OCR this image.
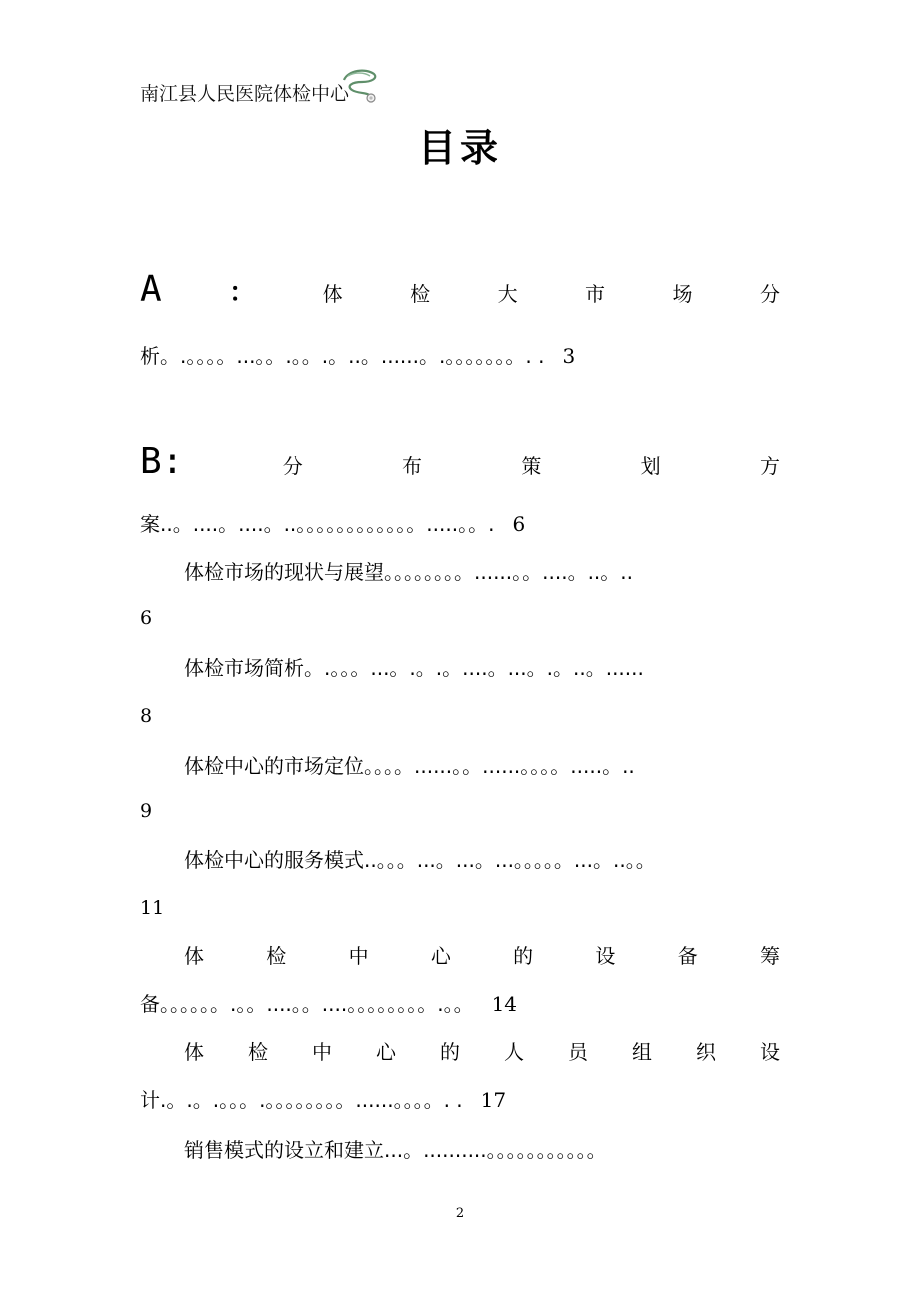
南江县人民医院体检中心
目录
A	：	体	检	大	市	场	分
析。.。。。。...。。.。。.。..。......。.。。。。。。。. . 3
B:	分	布	策	划	方
案..。....。....。..。。。。。。。。。。。。.....。。. 6
体检市场的现状与展望。。。。。。。。......。。....。..。..
6
体检市场简析。.。。。...。.。.。....。...。.。..。......
8
体检中心的市场定位。。。。......。。......。。。。.....。..
9
体检中心的服务模式..。。。...。...。...。。。。。...。..。。
11
体	检	中	心	的	设	备	筹
备。。。。。。.。。....。。....。。。。。。。。.。。 14
体 检 中 心 的 人 员 组 织 设
计.。.。.。。。.。。。。。。。。......。。。。. . 17
销售模式的设立和建立...。..........。。。。。。。。。。。
2
